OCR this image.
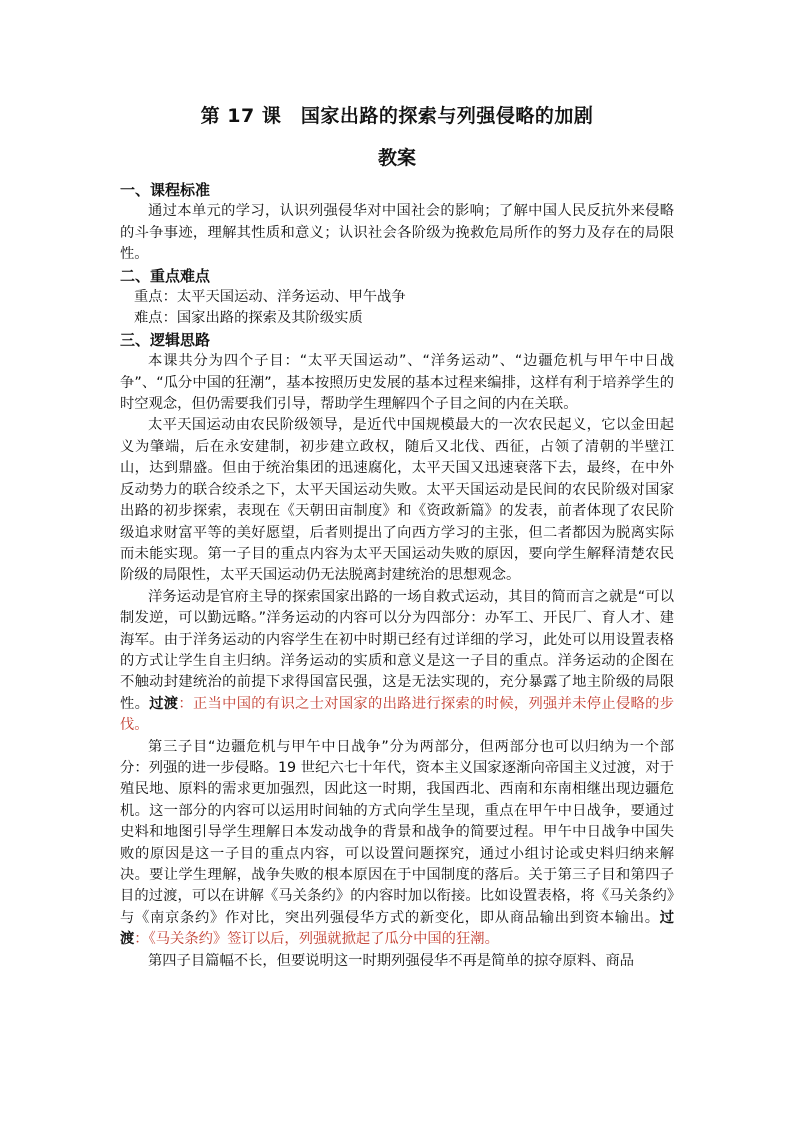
第 17 课　国家出路的探索与列强侵略的加剧
教案
一、课程标准

通过本单元的学习，认识列强侵华对中国社会的影响；了解中国人民反抗外来侵略的斗争事迹，理解其性质和意义；认识社会各阶级为挽救危局所作的努力及存在的局限性。

二、重点难点

重点：太平天国运动、洋务运动、甲午战争

难点：国家出路的探索及其阶级实质

三、逻辑思路

本课共分为四个子目：“太平天国运动”、“洋务运动”、“边疆危机与甲午中日战争”、“瓜分中国的狂潮”，基本按照历史发展的基本过程来编排，这样有利于培养学生的时空观念，但仍需要我们引导，帮助学生理解四个子目之间的内在关联。

太平天国运动由农民阶级领导，是近代中国规模最大的一次农民起义，它以金田起义为肇端，后在永安建制，初步建立政权，随后又北伐、西征，占领了清朝的半壁江山，达到鼎盛。但由于统治集团的迅速腐化，太平天国又迅速衰落下去，最终，在中外反动势力的联合绞杀之下，太平天国运动失败。太平天国运动是民间的农民阶级对国家出路的初步探索，表现在《天朝田亩制度》和《资政新篇》的发表，前者体现了农民阶级追求财富平等的美好愿望，后者则提出了向西方学习的主张，但二者都因为脱离实际而未能实现。第一子目的重点内容为太平天国运动失败的原因，要向学生解释清楚农民阶级的局限性，太平天国运动仍无法脱离封建统治的思想观念。

洋务运动是官府主导的探索国家出路的一场自救式运动，其目的简而言之就是“可以制发逆，可以勤远略。”洋务运动的内容可以分为四部分：办军工、开民厂、育人才、建海军。由于洋务运动的内容学生在初中时期已经有过详细的学习，此处可以用设置表格的方式让学生自主归纳。洋务运动的实质和意义是这一子目的重点。洋务运动的企图在不触动封建统治的前提下求得国富民强，这是无法实现的，充分暴露了地主阶级的局限性。过渡：正当中国的有识之士对国家的出路进行探索的时候，列强并未停止侵略的步伐。

第三子目“边疆危机与甲午中日战争”分为两部分，但两部分也可以归纳为一个部分：列强的进一步侵略。19 世纪六七十年代，资本主义国家逐渐向帝国主义过渡，对于殖民地、原料的需求更加强烈，因此这一时期，我国西北、西南和东南相继出现边疆危机。这一部分的内容可以运用时间轴的方式向学生呈现，重点在甲午中日战争，要通过史料和地图引导学生理解日本发动战争的背景和战争的简要过程。甲午中日战争中国失败的原因是这一子目的重点内容，可以设置问题探究，通过小组讨论或史料归纳来解决。要让学生理解，战争失败的根本原因在于中国制度的落后。关于第三子目和第四子目的过渡，可以在讲解《马关条约》的内容时加以衔接。比如设置表格，将《马关条约》与《南京条约》作对比，突出列强侵华方式的新变化，即从商品输出到资本输出。过渡：《马关条约》签订以后，列强就掀起了瓜分中国的狂潮。

第四子目篇幅不长，但要说明这一时期列强侵华不再是简单的掠夺原料、商品
